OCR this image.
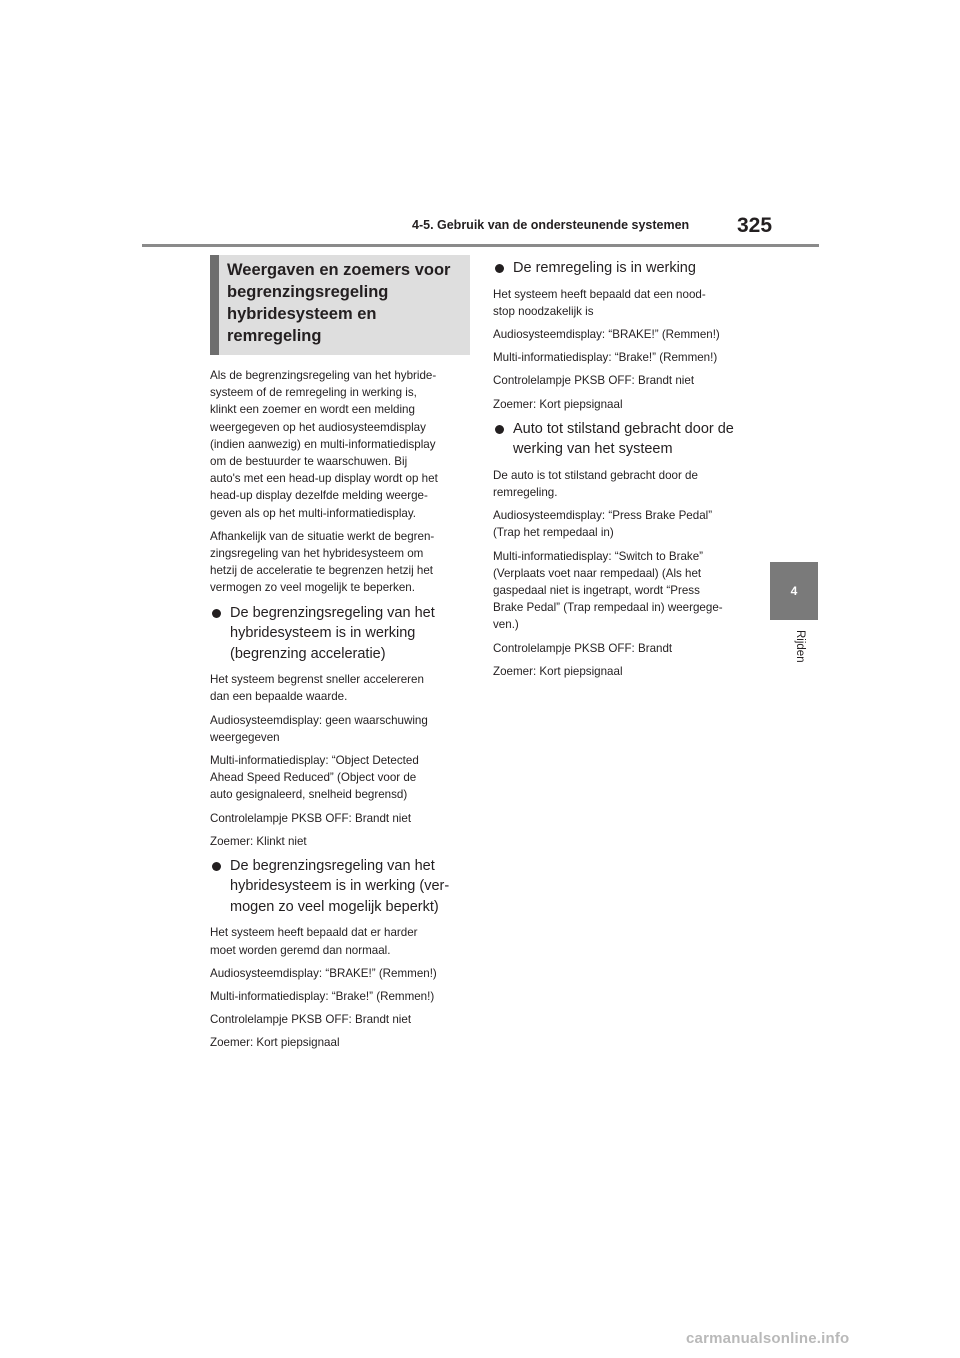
4-5. Gebruik van de ondersteunende systemen 325
4
Rijden
Weergaven en zoemers voor
begrenzingsregeling
hybridesysteem en
remregeling
Als de begrenzingsregeling van het hybride-
systeem of de remregeling in werking is,
klinkt een zoemer en wordt een melding
weergegeven op het audiosysteemdisplay
(indien aanwezig) en multi-informatiedisplay
om de bestuurder te waarschuwen. Bij
auto's met een head-up display wordt op het
head-up display dezelfde melding weerge-
geven als op het multi-informatiedisplay.
Afhankelijk van de situatie werkt de begren-
zingsregeling van het hybridesysteem om
hetzij de acceleratie te begrenzen hetzij het
vermogen zo veel mogelijk te beperken.
De begrenzingsregeling van het
hybridesysteem is in werking
(begrenzing acceleratie)
Het systeem begrenst sneller accelereren
dan een bepaalde waarde.
Audiosysteemdisplay: geen waarschuwing
weergegeven
Multi-informatiedisplay: “Object Detected
Ahead Speed Reduced” (Object voor de
auto gesignaleerd, snelheid begrensd)
Controlelampje PKSB OFF: Brandt niet
Zoemer: Klinkt niet
De begrenzingsregeling van het
hybridesysteem is in werking (ver-
mogen zo veel mogelijk beperkt)
Het systeem heeft bepaald dat er harder
moet worden geremd dan normaal.
Audiosysteemdisplay: “BRAKE!” (Remmen!)
Multi-informatiedisplay: “Brake!” (Remmen!)
Controlelampje PKSB OFF: Brandt niet
Zoemer: Kort piepsignaal
De remregeling is in werking
Het systeem heeft bepaald dat een nood-
stop noodzakelijk is
Audiosysteemdisplay: “BRAKE!” (Remmen!)
Multi-informatiedisplay: “Brake!” (Remmen!)
Controlelampje PKSB OFF: Brandt niet
Zoemer: Kort piepsignaal
Auto tot stilstand gebracht door de
werking van het systeem
De auto is tot stilstand gebracht door de
remregeling.
Audiosysteemdisplay: “Press Brake Pedal”
(Trap het rempedaal in)
Multi-informatiedisplay: “Switch to Brake”
(Verplaats voet naar rempedaal) (Als het
gaspedaal niet is ingetrapt, wordt “Press
Brake Pedal” (Trap rempedaal in) weergege-
ven.)
Controlelampje PKSB OFF: Brandt
Zoemer: Kort piepsignaal
carmanualsonline.info
